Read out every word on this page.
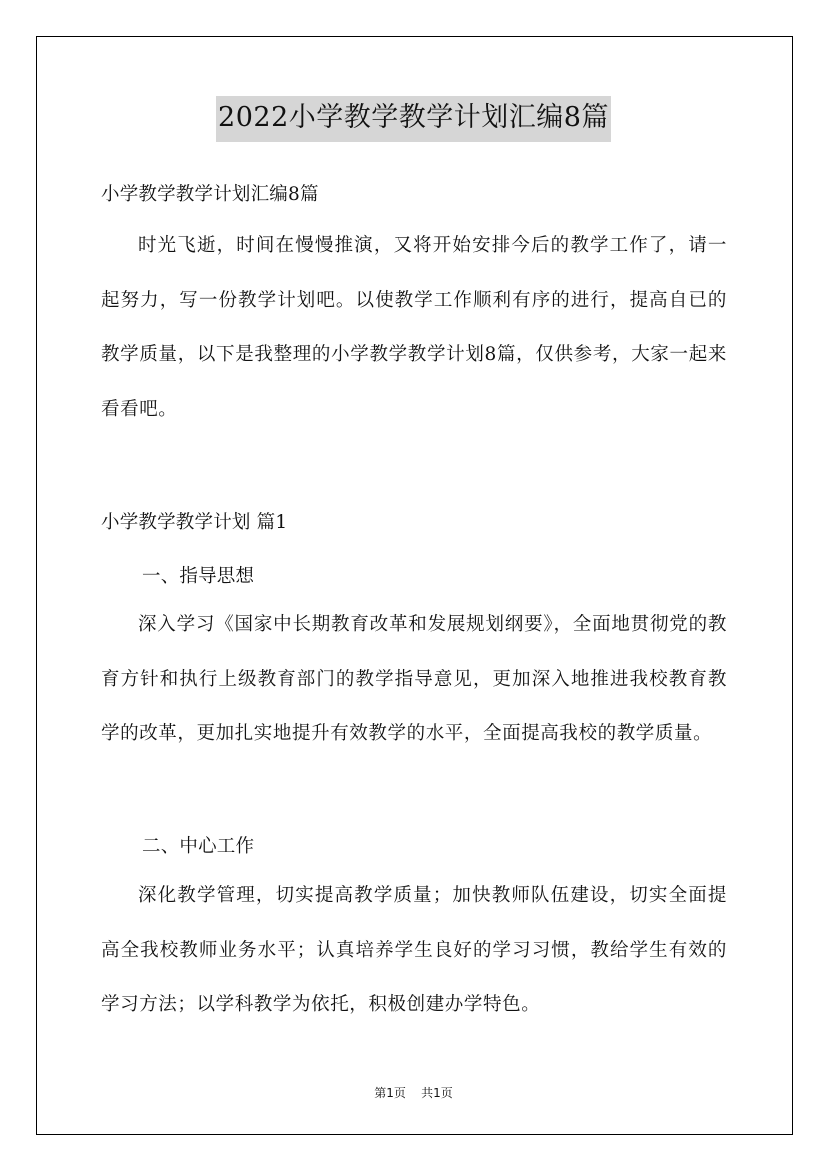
2022小学教学教学计划汇编8篇
小学教学教学计划汇编8篇
时光飞逝，时间在慢慢推演，又将开始安排今后的教学工作了，请一起努力，写一份教学计划吧。以使教学工作顺利有序的进行，提高自已的教学质量，以下是我整理的小学教学教学计划8篇，仅供参考，大家一起来看看吧。
小学教学教学计划 篇1
一、指导思想
深入学习《国家中长期教育改革和发展规划纲要》，全面地贯彻党的教育方针和执行上级教育部门的教学指导意见，更加深入地推进我校教育教学的改革，更加扎实地提升有效教学的水平，全面提高我校的教学质量。
二、中心工作
深化教学管理，切实提高教学质量；加快教师队伍建设，切实全面提高全我校教师业务水平；认真培养学生良好的学习习惯，教给学生有效的学习方法；以学科教学为依托，积极创建办学特色。
第1页 共1页
